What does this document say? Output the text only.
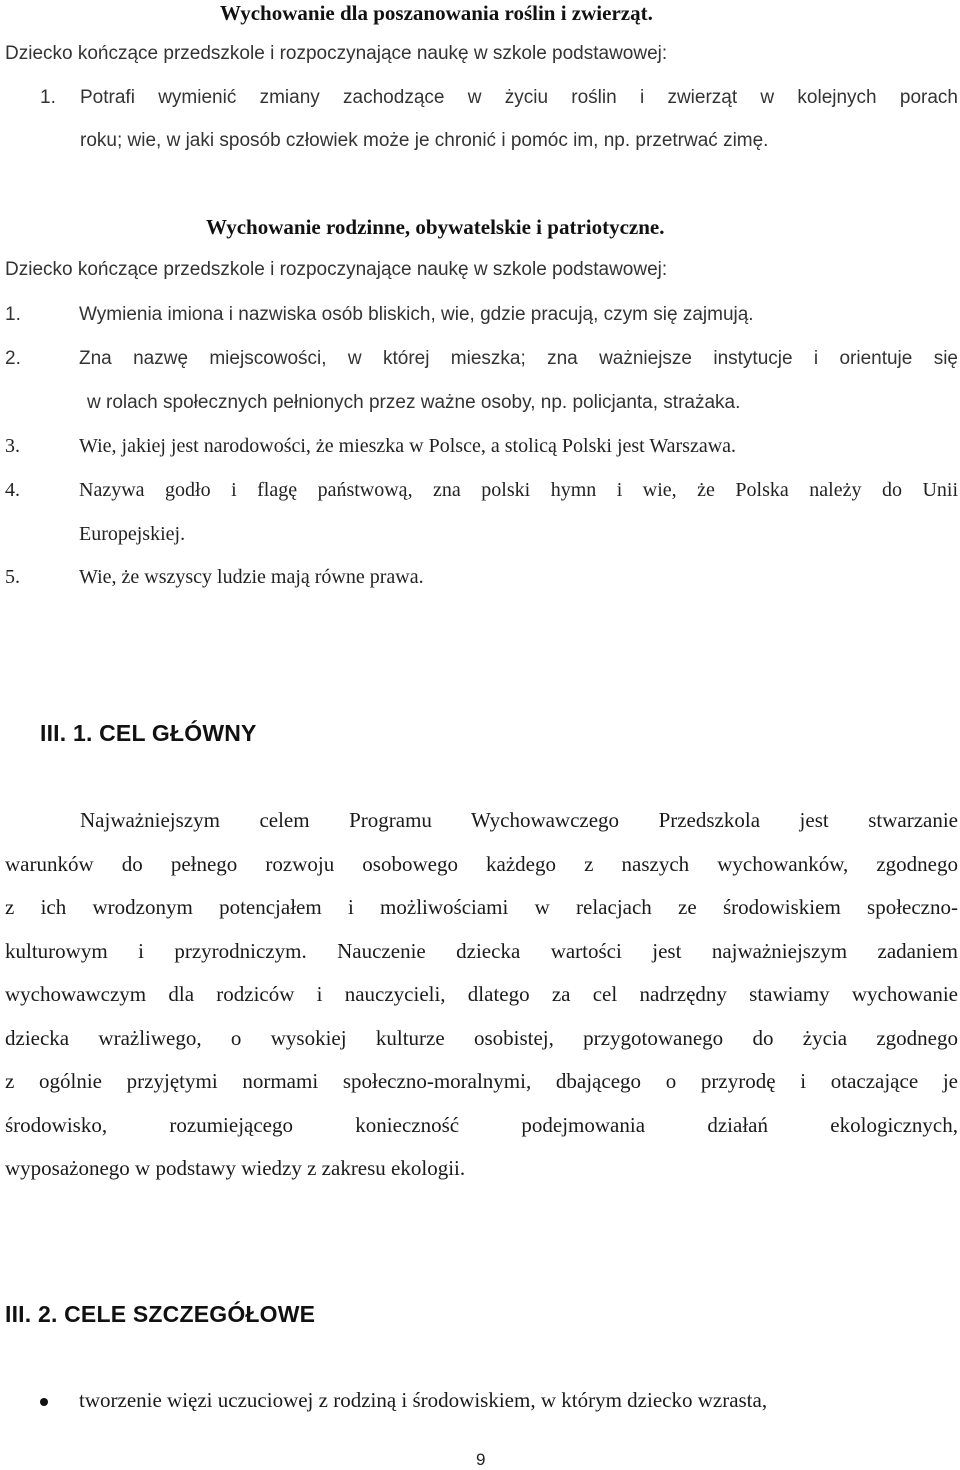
Wychowanie dla poszanowania roślin i zwierząt.
Dziecko kończące przedszkole i rozpoczynające naukę w szkole podstawowej:
1. Potrafi wymienić zmiany zachodzące w życiu roślin i zwierząt w kolejnych porach
roku; wie, w jaki sposób człowiek może je chronić i pomóc im, np. przetrwać zimę.
Wychowanie rodzinne, obywatelskie i patriotyczne.
Dziecko kończące przedszkole i rozpoczynające naukę w szkole podstawowej:
1.	Wymienia imiona i nazwiska osób bliskich, wie, gdzie pracują, czym się zajmują.
2.	Zna nazwę miejscowości, w której mieszka; zna ważniejsze instytucje i orientuje się
w rolach społecznych pełnionych przez ważne osoby, np. policjanta, strażaka.
3.	Wie, jakiej jest narodowości, że mieszka w Polsce, a stolicą Polski jest Warszawa.
4.	Nazywa godło i flagę państwową, zna polski hymn i wie, że Polska należy do Unii
Europejskiej.
5.	Wie, że wszyscy ludzie mają równe prawa.
III. 1. CEL GŁÓWNY
Najważniejszym celem Programu Wychowawczego Przedszkola jest stwarzanie
warunków do pełnego rozwoju osobowego każdego z naszych wychowanków, zgodnego
z ich wrodzonym potencjałem i możliwościami w relacjach ze środowiskiem społeczno-
kulturowym i przyrodniczym. Nauczenie dziecka wartości jest najważniejszym zadaniem
wychowawczym dla rodziców i nauczycieli, dlatego za cel nadrzędny stawiamy wychowanie
dziecka wrażliwego, o wysokiej kulturze osobistej, przygotowanego do życia zgodnego
z ogólnie przyjętymi normami społeczno-moralnymi, dbającego o przyrodę i otaczające je
środowisko, rozumiejącego konieczność podejmowania działań ekologicznych,
wyposażonego w podstawy wiedzy z zakresu ekologii.
III. 2. CELE SZCZEGÓŁOWE
tworzenie więzi uczuciowej z rodziną i środowiskiem, w którym dziecko wzrasta,
9
